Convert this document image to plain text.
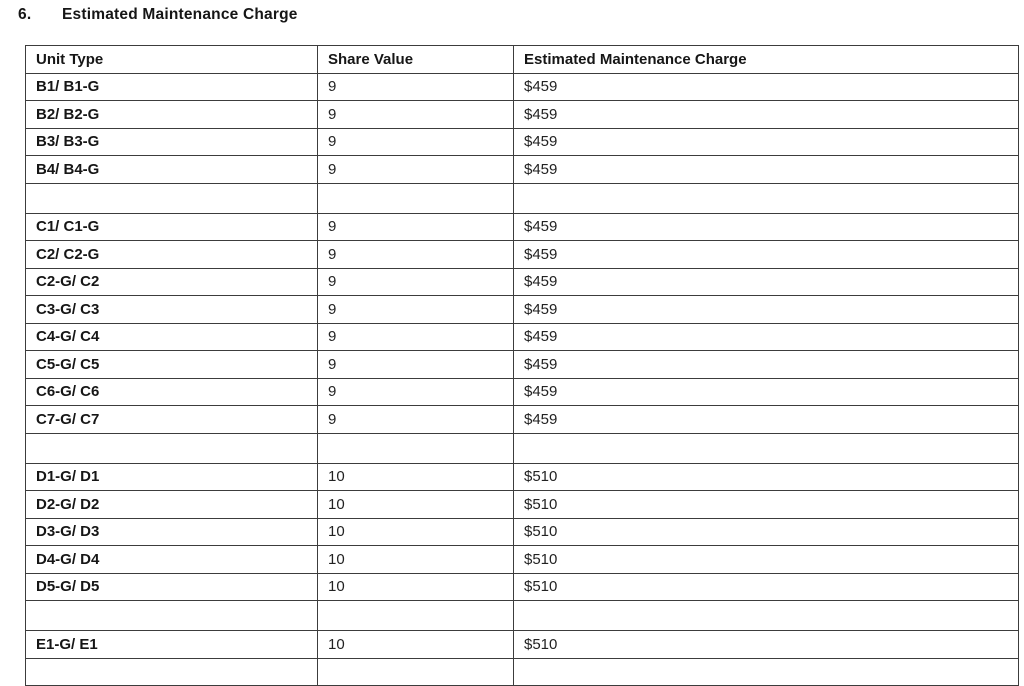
6. Estimated Maintenance Charge
Unit Type	Share Value	Estimated Maintenance Charge
B1/ B1-G	9	$459
B2/ B2-G	9	$459
B3/ B3-G	9	$459
B4/ B4-G	9	$459

C1/ C1-G	9	$459
C2/ C2-G	9	$459
C2-G/ C2	9	$459
C3-G/ C3	9	$459
C4-G/ C4	9	$459
C5-G/ C5	9	$459
C6-G/ C6	9	$459
C7-G/ C7	9	$459

D1-G/ D1	10	$510
D2-G/ D2	10	$510
D3-G/ D3	10	$510
D4-G/ D4	10	$510
D5-G/ D5	10	$510

E1-G/ E1	10	$510
